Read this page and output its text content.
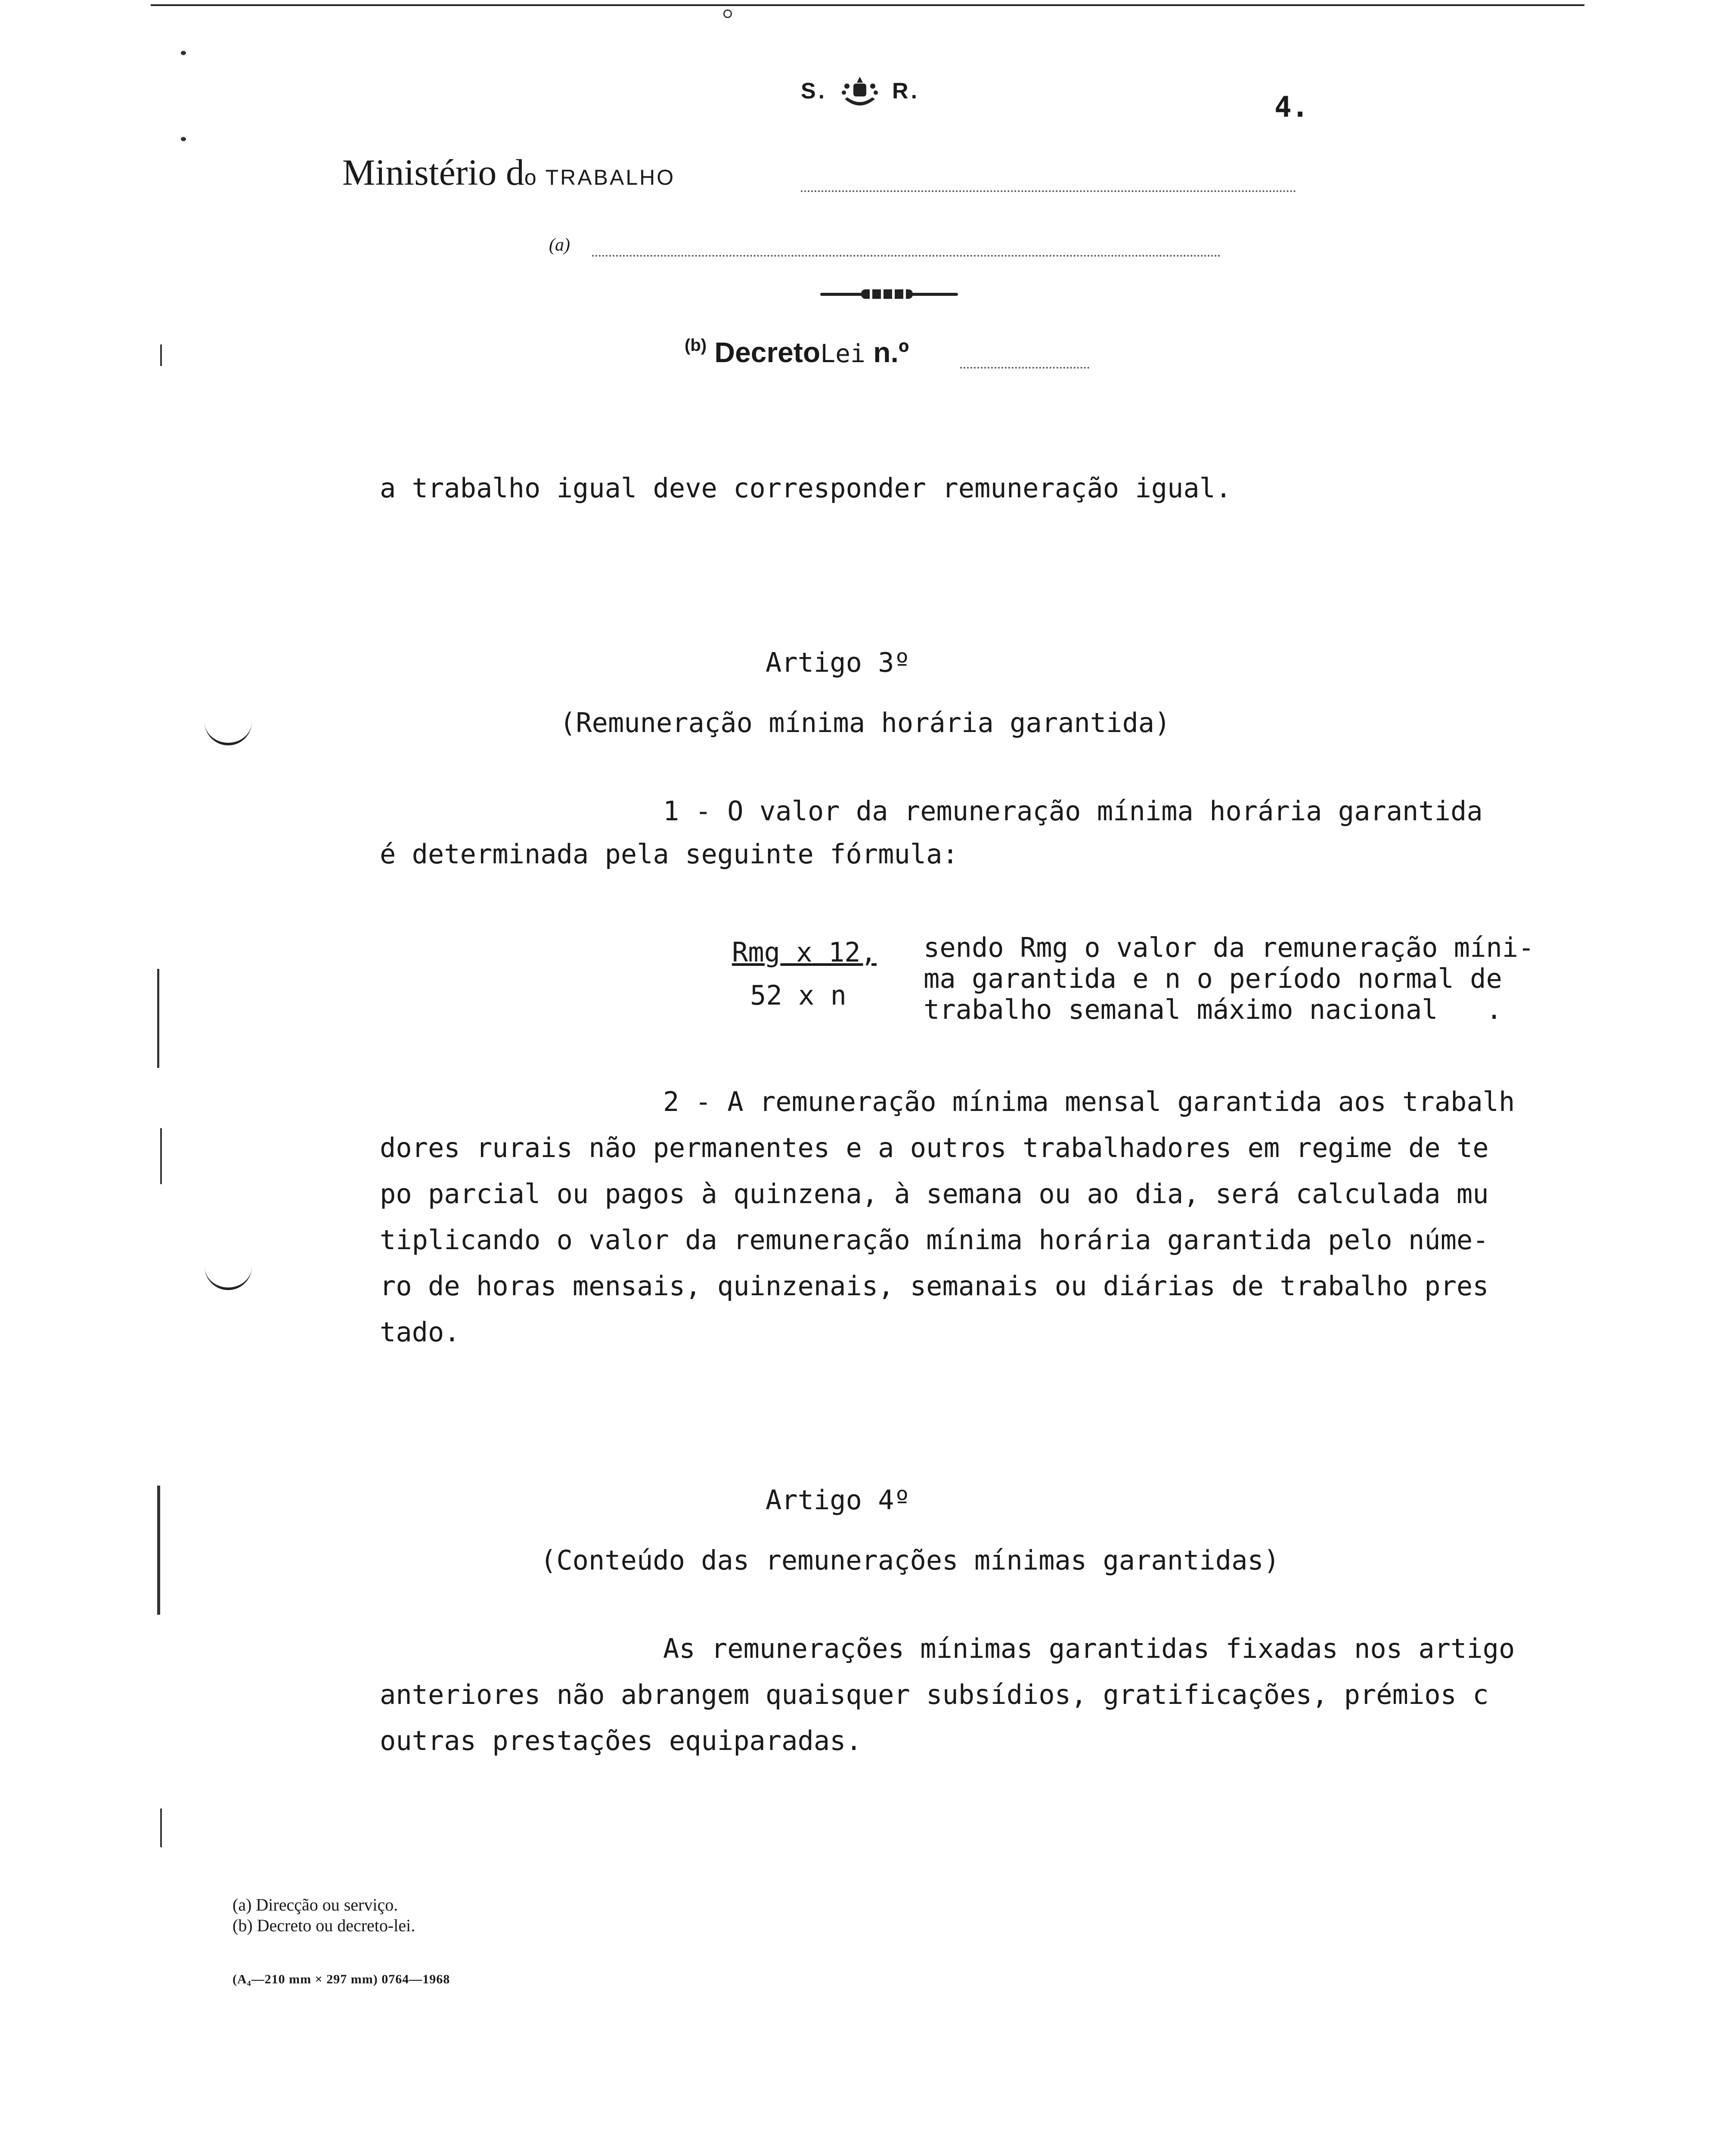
S.	R.	4.
Ministério do TRABALHO
(a)
$^{(b)}$ DecretoLei n.º
a trabalho igual deve corresponder remuneração igual.
Artigo 3º
(Remuneração mínima horária garantida)
1 - O valor da remuneração mínima horária garantida
é determinada pela seguinte fórmula:
Rmg x 12,
52 x n
sendo Rmg o valor da remuneração míni-
ma garantida e n o período normal de
trabalho semanal máximo nacional   .
2 - A remuneração mínima mensal garantida aos trabalh
dores rurais não permanentes e a outros trabalhadores em regime de te
po parcial ou pagos à quinzena, à semana ou ao dia, será calculada mu
tiplicando o valor da remuneração mínima horária garantida pelo núme-
ro de horas mensais, quinzenais, semanais ou diárias de trabalho pres
tado.
Artigo 4º
(Conteúdo das remunerações mínimas garantidas)
As remunerações mínimas garantidas fixadas nos artigo
anteriores não abrangem quaisquer subsídios, gratificações, prémios c
outras prestações equiparadas.
(a) Direcção ou serviço.
(b) Decreto ou decreto-lei.
(A₄—210 mm × 297 mm) 0764—1968
